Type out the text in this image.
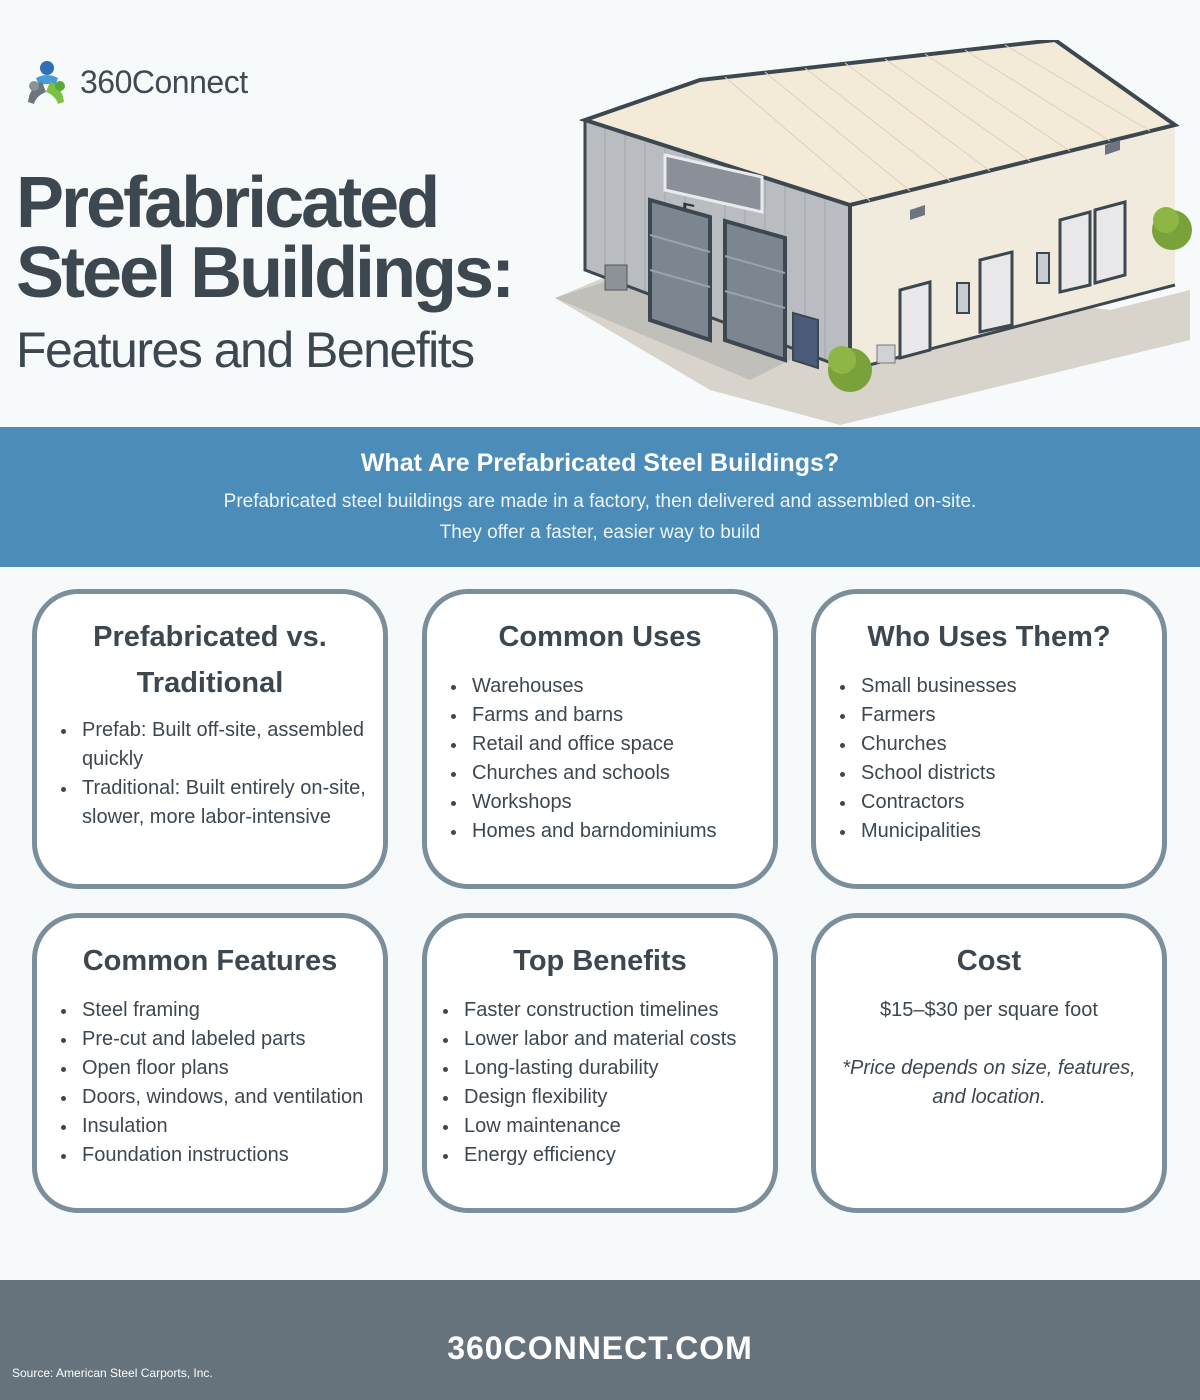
360Connect
Prefabricated
Steel Buildings:
Features and Benefits
What Are Prefabricated Steel Buildings?

Prefabricated steel buildings are made in a factory, then delivered and assembled on-site.
They offer a faster, easier way to build

Prefabricated vs. Traditional
Prefab: Built off-site, assembled quickly
Traditional: Built entirely on-site, slower, more labor-intensive
Common Uses
Warehouses
Farms and barns
Retail and office space
Churches and schools
Workshops
Homes and barndominiums
Who Uses Them?
Small businesses
Farmers
Churches
School districts
Contractors
Municipalities
Common Features
Steel framing
Pre-cut and labeled parts
Open floor plans
Doors, windows, and ventilation
Insulation
Foundation instructions
Top Benefits
Faster construction timelines
Lower labor and material costs
Long-lasting durability
Design flexibility
Low maintenance
Energy efficiency
Cost

$15–$30 per square foot

*Price depends on size, features, and location.

360CONNECT.COM
Source: American Steel Carports, Inc.
